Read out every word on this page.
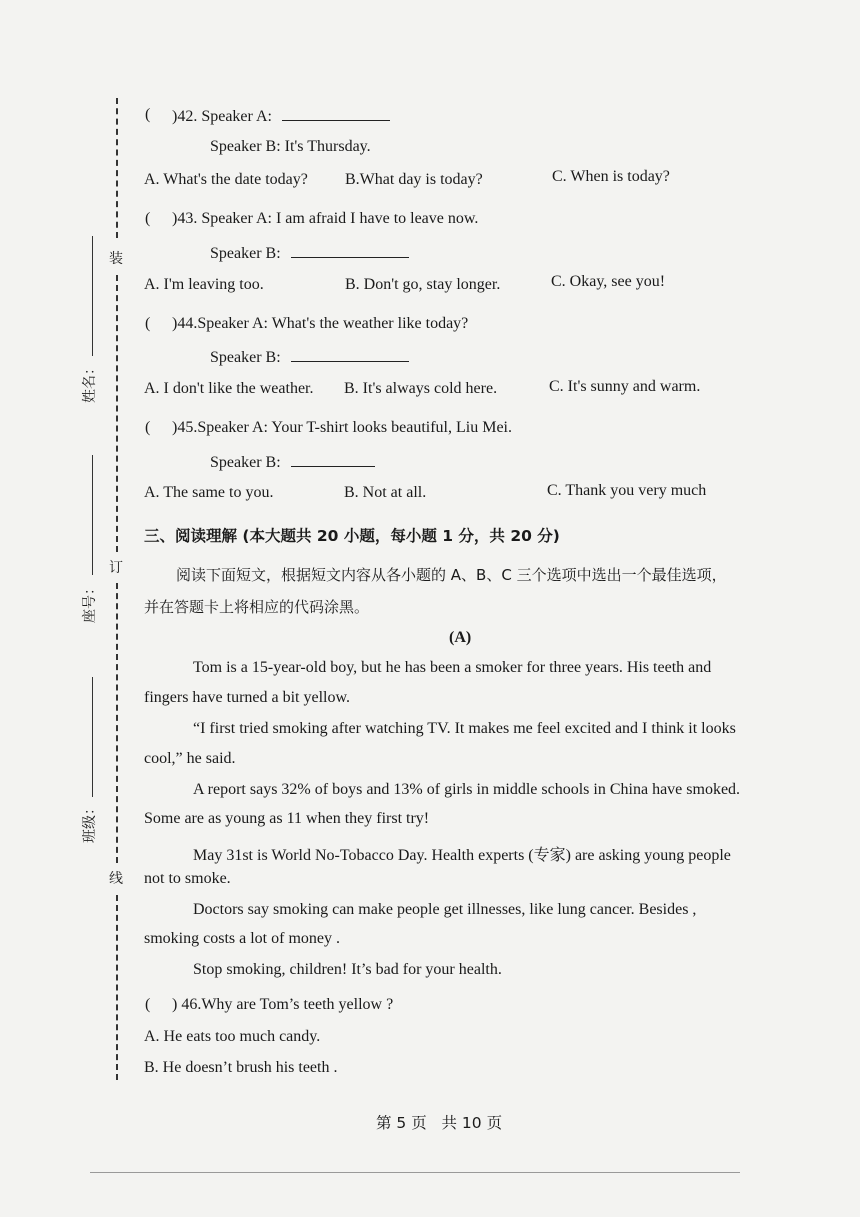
装
订
线
姓名：
座号：
班级：
( )42. Speaker A:
Speaker B: It's Thursday.
A. What's the date today? B.What day is today?	C. When is today?
( )43. Speaker A: I am afraid I have to leave now.
Speaker B:
A. I'm leaving too.	B. Don't go, stay longer.	C. Okay, see you!
( )44.Speaker A: What's the weather like today?
Speaker B:
A. I don't like the weather. B. It's always cold here.	C. It's sunny and warm.
( )45.Speaker A: Your T-shirt looks beautiful, Liu Mei.
Speaker B:
A. The same to you.	B. Not at all.	C. Thank you very much
三、阅读理解 (本大题共 20 小题，每小题 1 分，共 20 分)
阅读下面短文，根据短文内容从各小题的 A、B、C 三个选项中选出一个最佳选项，
并在答题卡上将相应的代码涂黑。
(A)
Tom is a 15-year-old boy, but he has been a smoker for three years. His teeth and
fingers have turned a bit yellow.
“I first tried smoking after watching TV. It makes me feel excited and I think it looks
cool,” he said.
A report says 32% of boys and 13% of girls in middle schools in China have smoked.
Some are as young as 11 when they first try!
May 31st is World No-Tobacco Day. Health experts (专家) are asking young people
not to smoke.
Doctors say smoking can make people get illnesses, like lung cancer. Besides ,
smoking costs a lot of money .
Stop smoking, children! It’s bad for your health.
( ) 46.Why are Tom’s teeth yellow ?
A. He eats too much candy.
B. He doesn’t brush his teeth .
第 5 页   共 10 页
